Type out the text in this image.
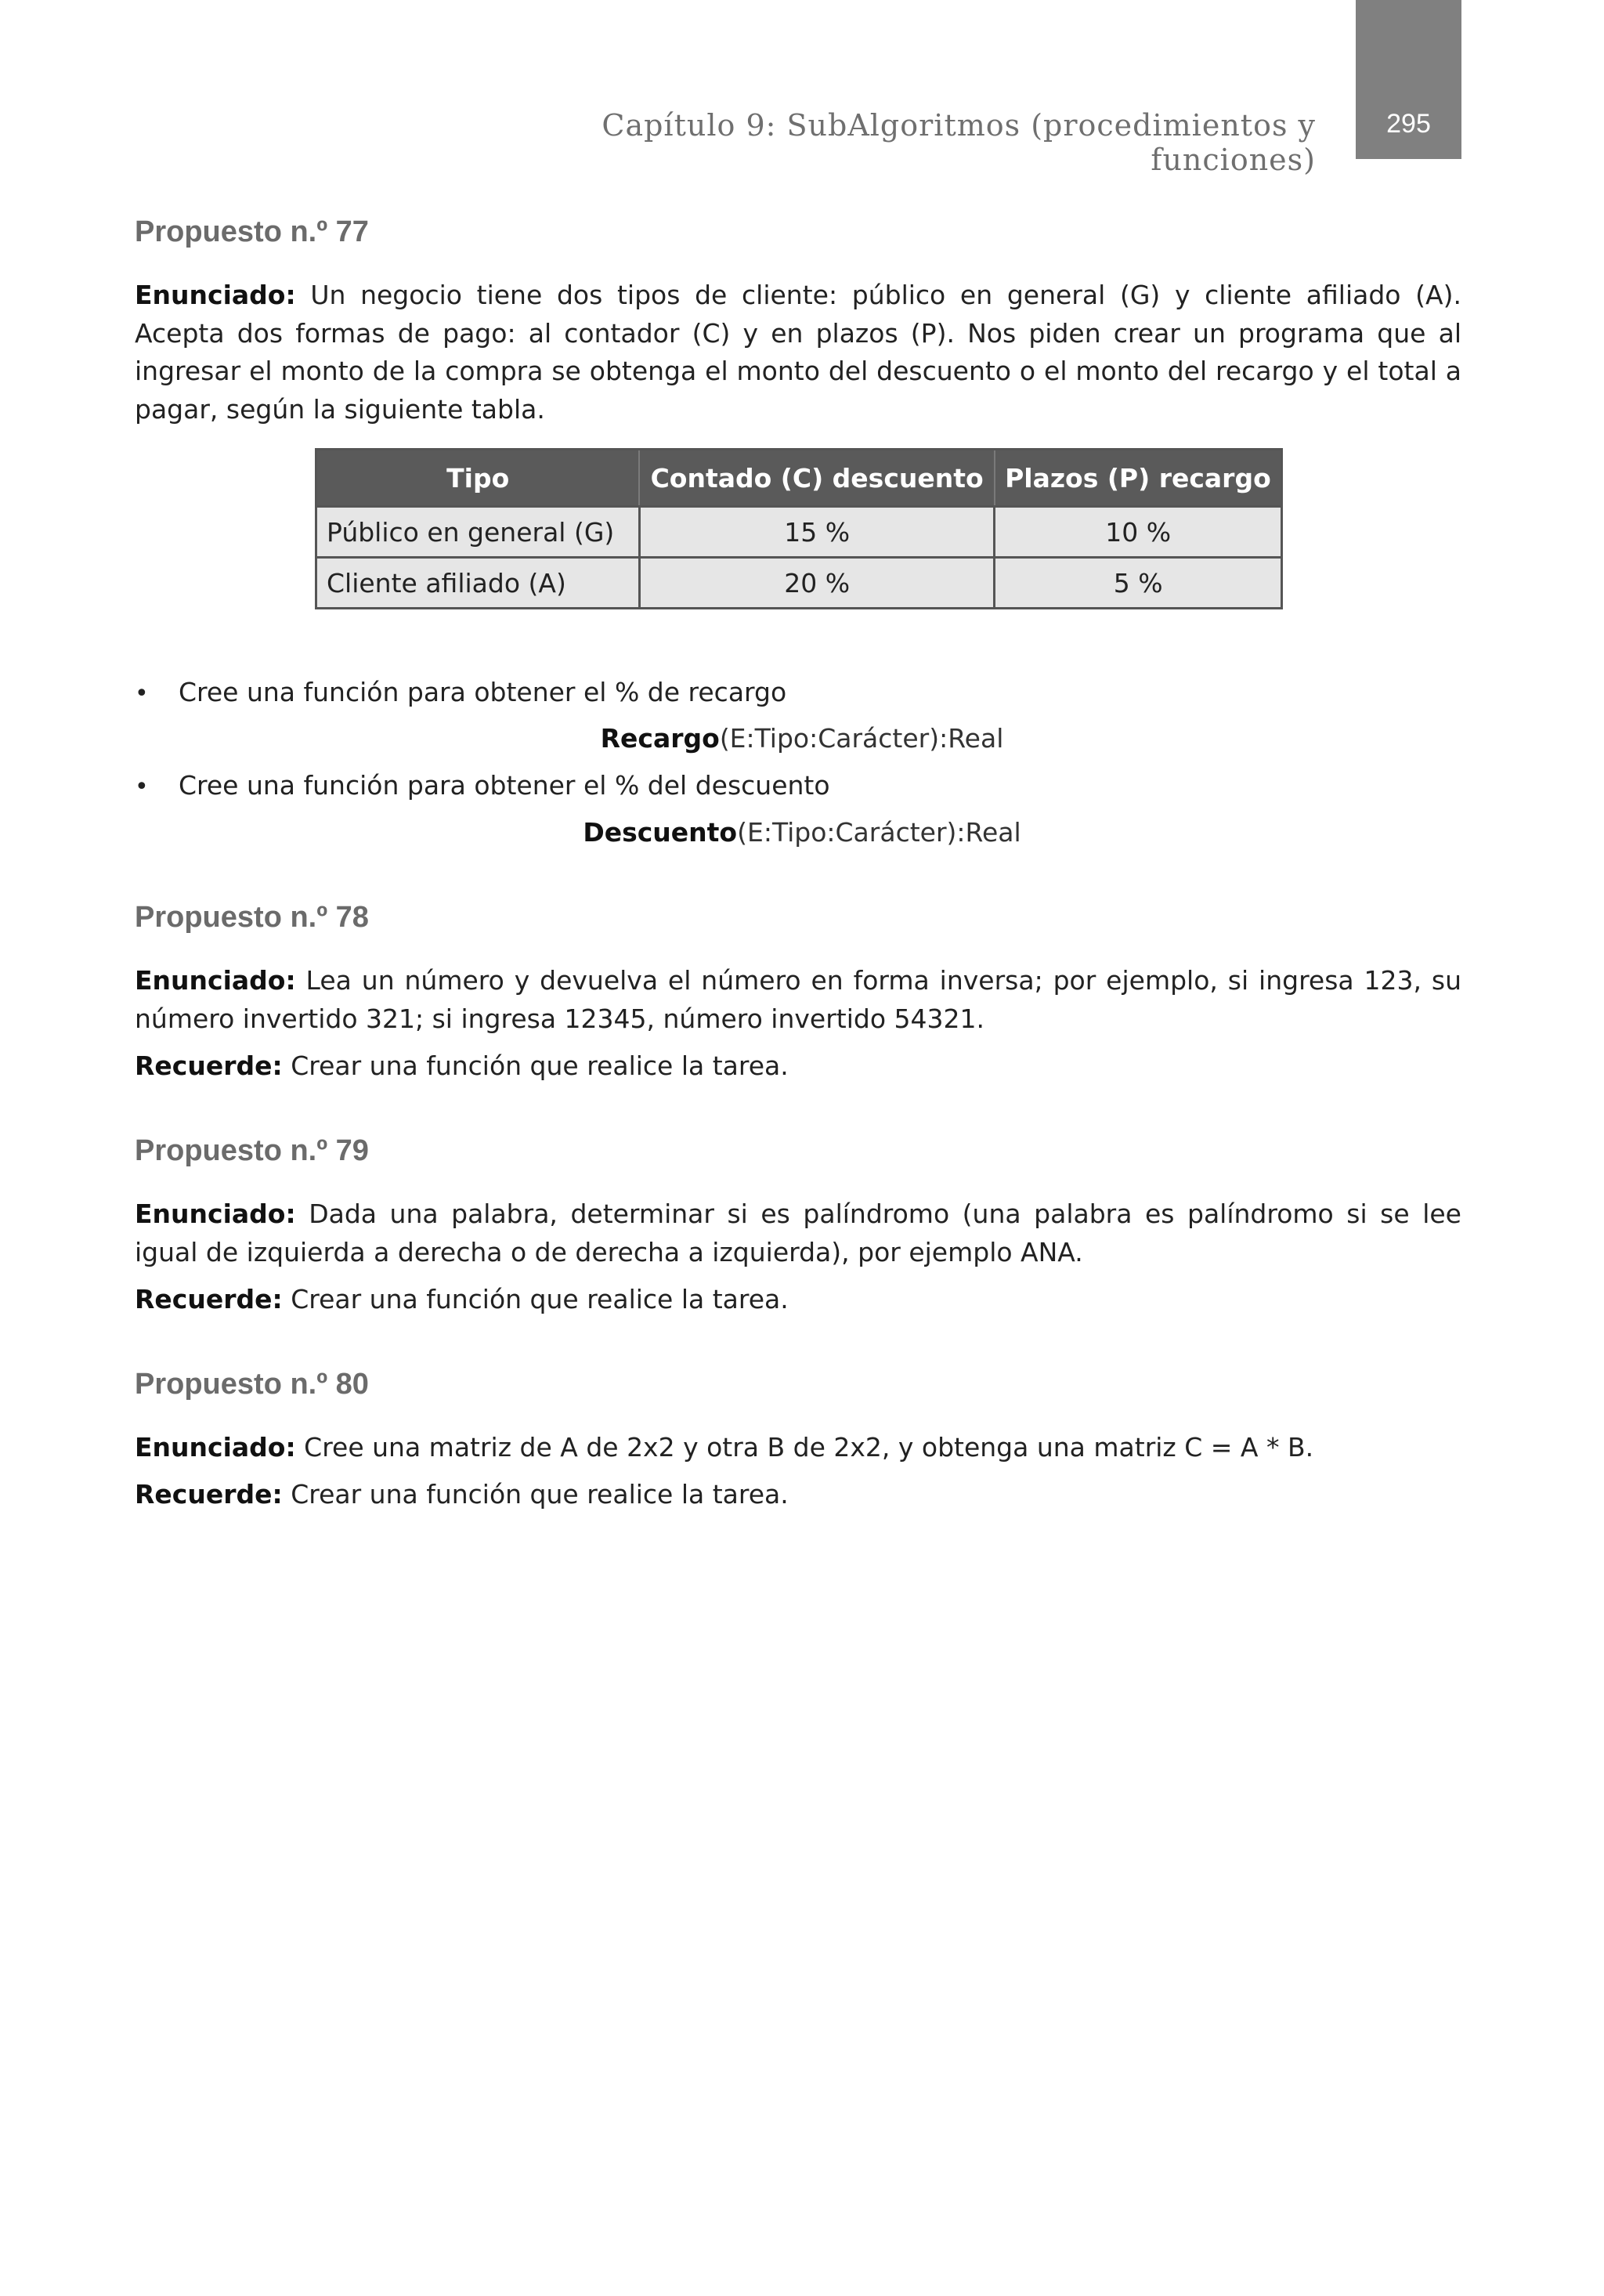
Capítulo 9: SubAlgoritmos (procedimientos y funciones)
295
Propuesto n.º 77

Enunciado: Un negocio tiene dos tipos de cliente: público en general (G) y cliente afiliado (A). Acepta dos formas de pago: al contador (C) y en plazos (P). Nos piden crear un programa que al ingresar el monto de la compra se obtenga el monto del descuento o el monto del recargo y el total a pagar, según la siguiente tabla.

Tipo	Contado (C) descuento	Plazos (P) recargo
Público en general (G)	15 %	10 %
Cliente afiliado (A)	20 %	5 %
• Cree una función para obtener el % de recargo
Recargo(E:Tipo:Carácter):Real
• Cree una función para obtener el % del descuento
Descuento(E:Tipo:Carácter):Real
Propuesto n.º 78

Enunciado: Lea un número y devuelva el número en forma inversa; por ejemplo, si ingresa 123, su número invertido 321; si ingresa 12345, número invertido 54321.

Recuerde: Crear una función que realice la tarea.

Propuesto n.º 79

Enunciado: Dada una palabra, determinar si es palíndromo (una palabra es palíndromo si se lee igual de izquierda a derecha o de derecha a izquierda), por ejemplo ANA.

Recuerde: Crear una función que realice la tarea.

Propuesto n.º 80

Enunciado: Cree una matriz de A de 2x2 y otra B de 2x2, y obtenga una matriz C = A * B.

Recuerde: Crear una función que realice la tarea.
